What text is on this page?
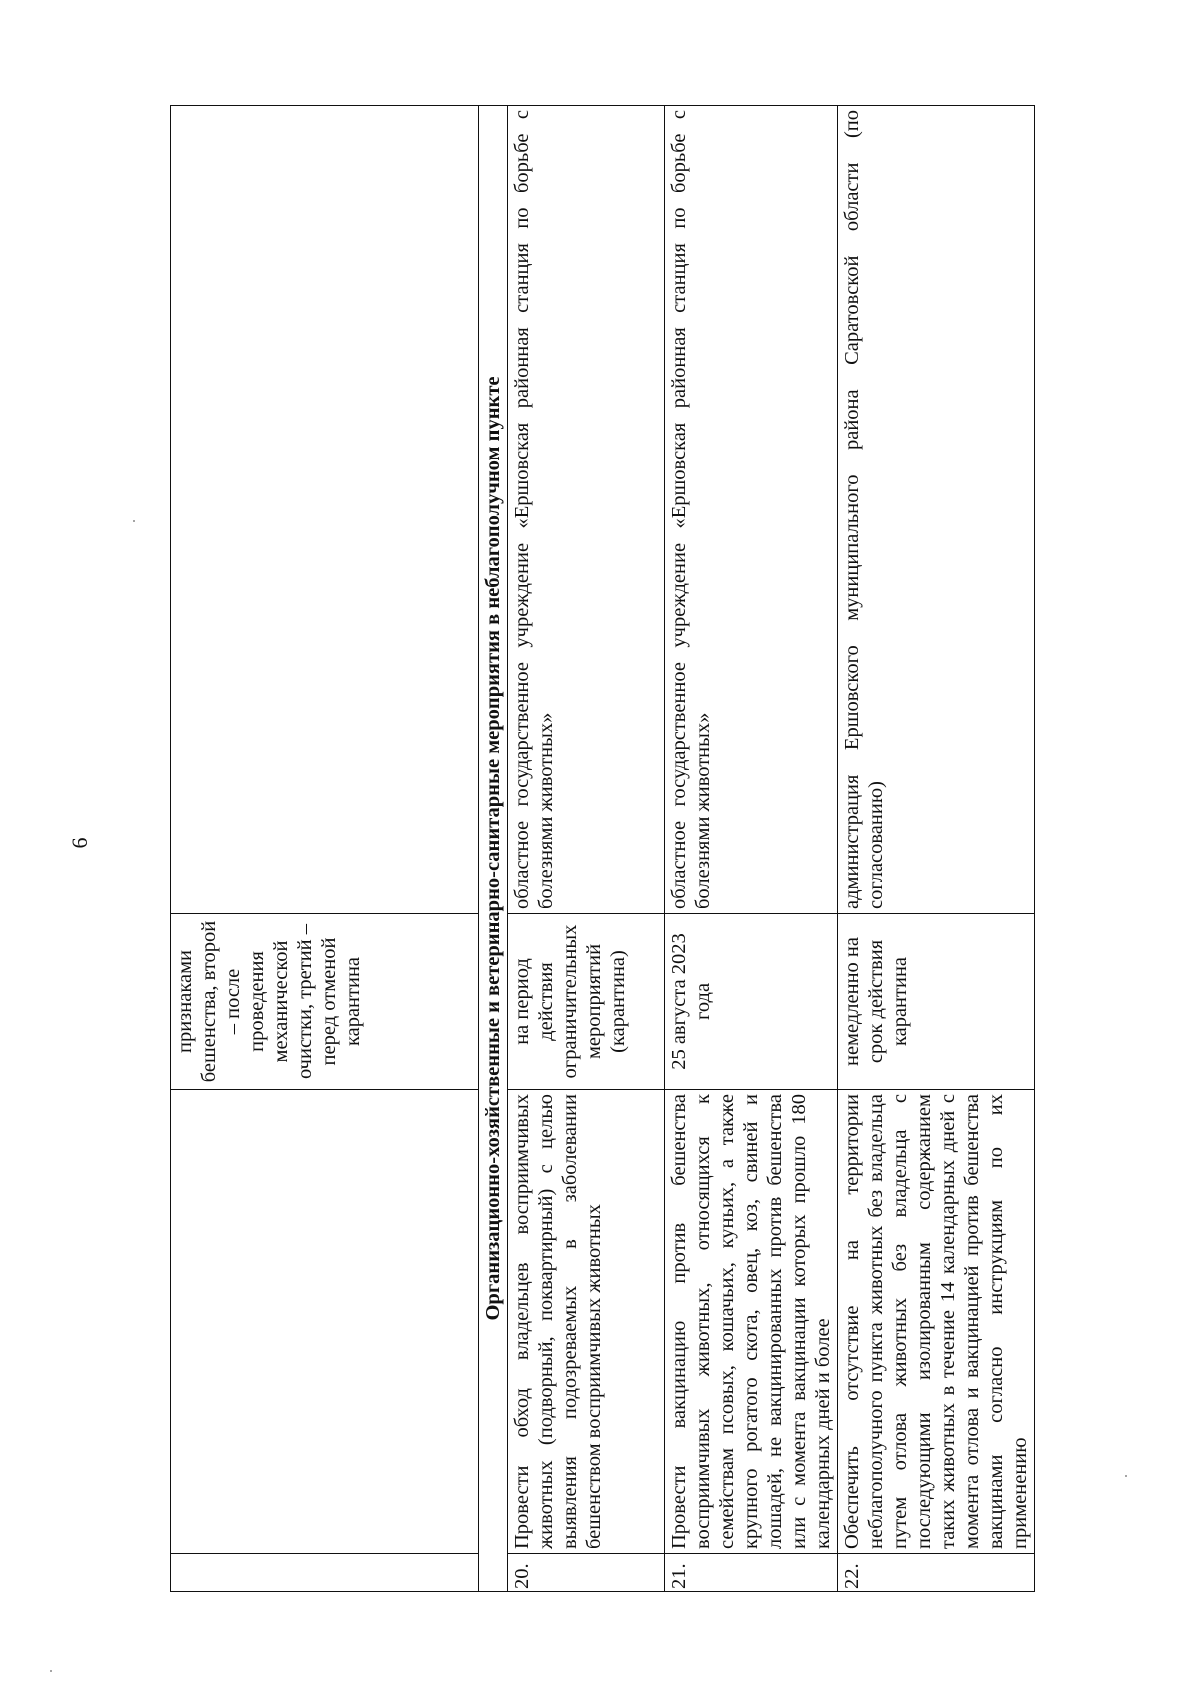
6
		признаками бешенства, второй – после проведения механической очистки, третий – перед отменой карантина	
Организационно-хозяйственные и ветеринарно-санитарные мероприятия в неблагополучном пункте			
20.	Провести обход владельцев восприимчивых животных (подворный, поквартирный) с целью выявления подозреваемых в заболевании бешенством восприимчивых животных	на период действия ограничительных мероприятий (карантина)	областное государственное учреждение «Ершовская районная станция по борьбе с болезнями животных»
21.	Провести вакцинацию против бешенства восприимчивых животных, относящихся к семействам псовых, кошачьих, куньих, а также крупного рогатого скота, овец, коз, свиней и лошадей, не вакцинированных против бешенства или с момента вакцинации которых прошло 180 календарных дней и более	25 августа 2023 года	областное государственное учреждение «Ершовская районная станция по борьбе с болезнями животных»
22.	Обеспечить отсутствие на территории неблагополучного пункта животных без владельца путем отлова животных без владельца с последующими изолированным содержанием таких животных в течение 14 календарных дней с момента отлова и вакцинацией против бешенства вакцинами согласно инструкциям по их применению	немедленно на срок действия карантина	администрация Ершовского муниципального района Саратовской области (по согласованию)
